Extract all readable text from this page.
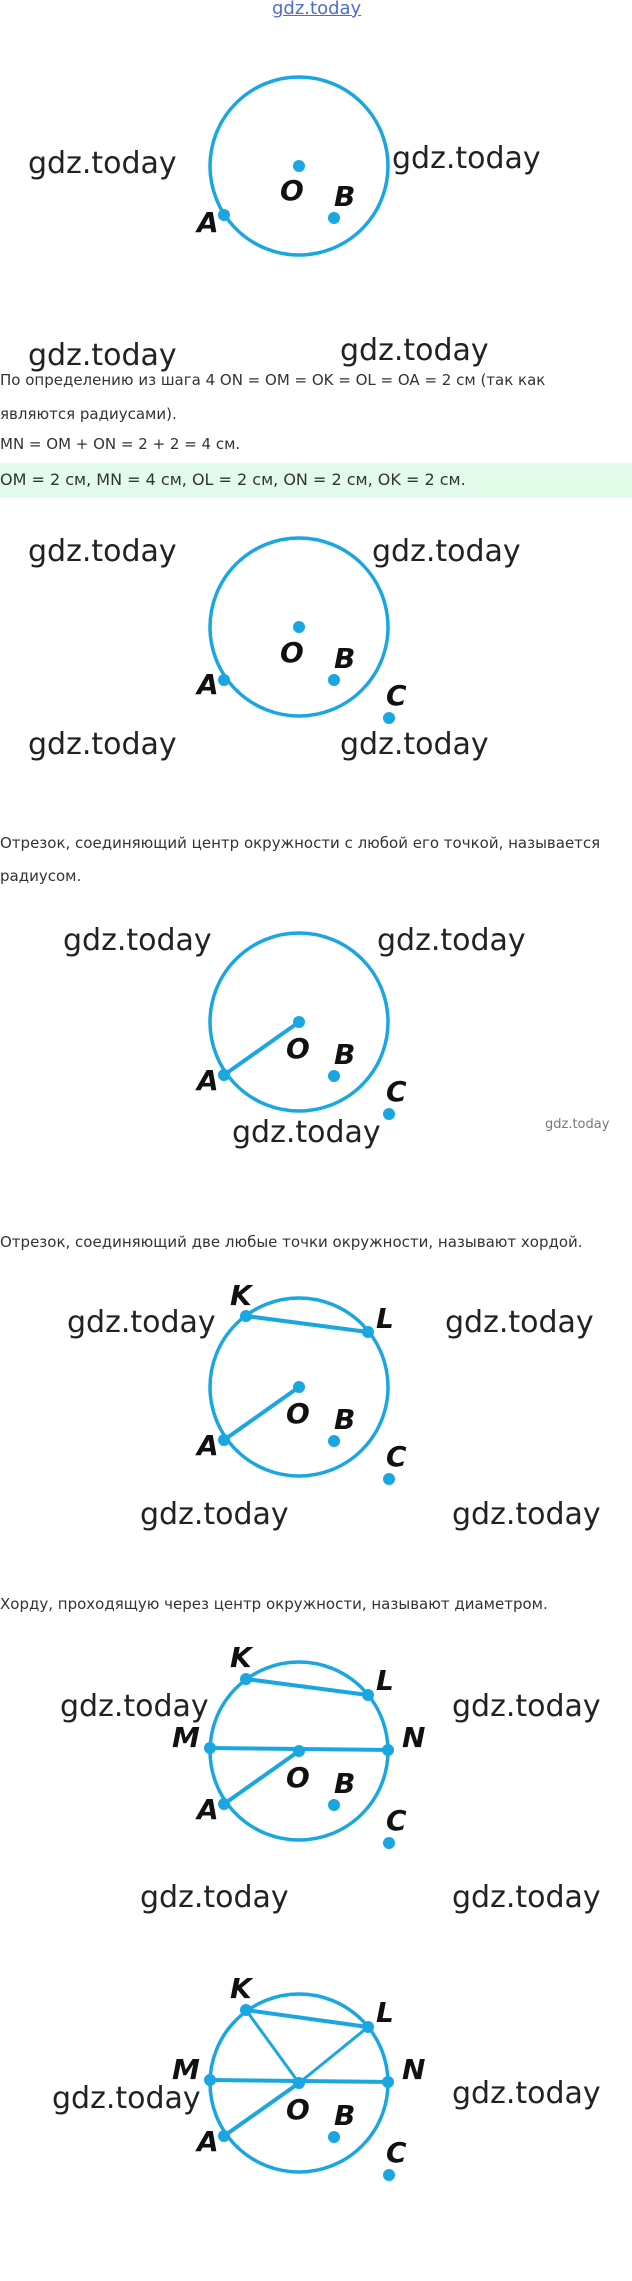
gdz.today
O B
A
gdz.today	gdz.today
gdz.today	gdz.today
По определению из шага 4 ON = OM = OK = OL = OA = 2 см (так как
являются радиусами).
MN = OM + ON = 2 + 2 = 4 см.
OM = 2 см, MN = 4 см, OL = 2 см, ON = 2 см, OK = 2 см.
O B
A	C
gdz.today	gdz.today
gdz.today	gdz.today
Отрезок, соединяющий центр окружности с любой его точкой, называется
радиусом.
O B
A	C
gdz.today	gdz.today
gdz.today	gdz.today
Отрезок, соединяющий две любые точки окружности, называют хордой.
K
L
O B
A	C
gdz.today	gdz.today
gdz.today	gdz.today
Хорду, проходящую через центр окружности, называют диаметром.
K
L
M	N
O B
A	C
gdz.today	gdz.today
gdz.today	gdz.today
K
L
M	N
O B
A	C
gdz.today	gdz.today
